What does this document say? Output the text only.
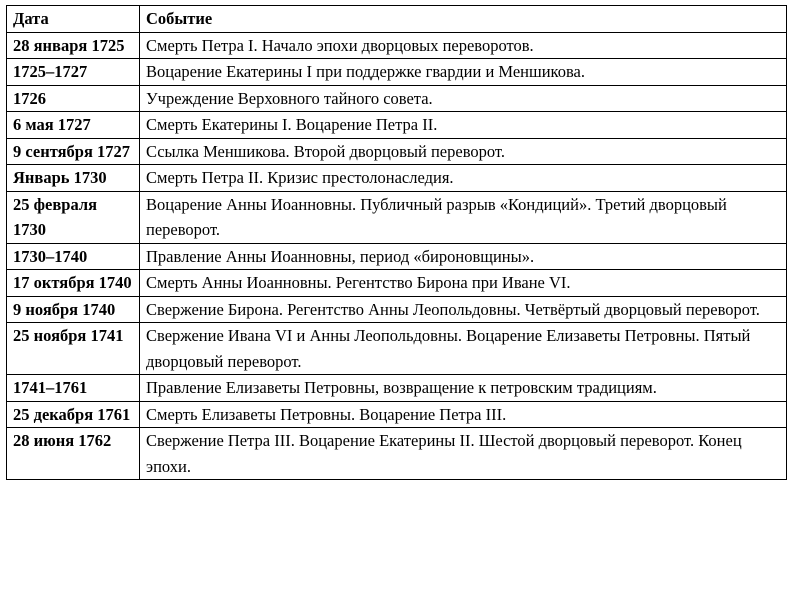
Дата	Событие
28 января 1725	Смерть Петра I. Начало эпохи дворцовых переворотов.
1725–1727	Воцарение Екатерины I при поддержке гвардии и Меншикова.
1726	Учреждение Верховного тайного совета.
6 мая 1727	Смерть Екатерины I. Воцарение Петра II.
9 сентября 1727	Ссылка Меншикова. Второй дворцовый переворот.
Январь 1730	Смерть Петра II. Кризис престолонаследия.
25 февраля 1730	Воцарение Анны Иоанновны. Публичный разрыв «Кондиций». Третий дворцовый переворот.
1730–1740	Правление Анны Иоанновны, период «бироновщины».
17 октября 1740	Смерть Анны Иоанновны. Регентство Бирона при Иване VI.
9 ноября 1740	Свержение Бирона. Регентство Анны Леопольдовны. Четвёртый дворцовый переворот.
25 ноября 1741	Свержение Ивана VI и Анны Леопольдовны. Воцарение Елизаветы Петровны. Пятый дворцовый переворот.
1741–1761	Правление Елизаветы Петровны, возвращение к петровским традициям.
25 декабря 1761	Смерть Елизаветы Петровны. Воцарение Петра III.
28 июня 1762	Свержение Петра III. Воцарение Екатерины II. Шестой дворцовый переворот. Конец эпохи.
